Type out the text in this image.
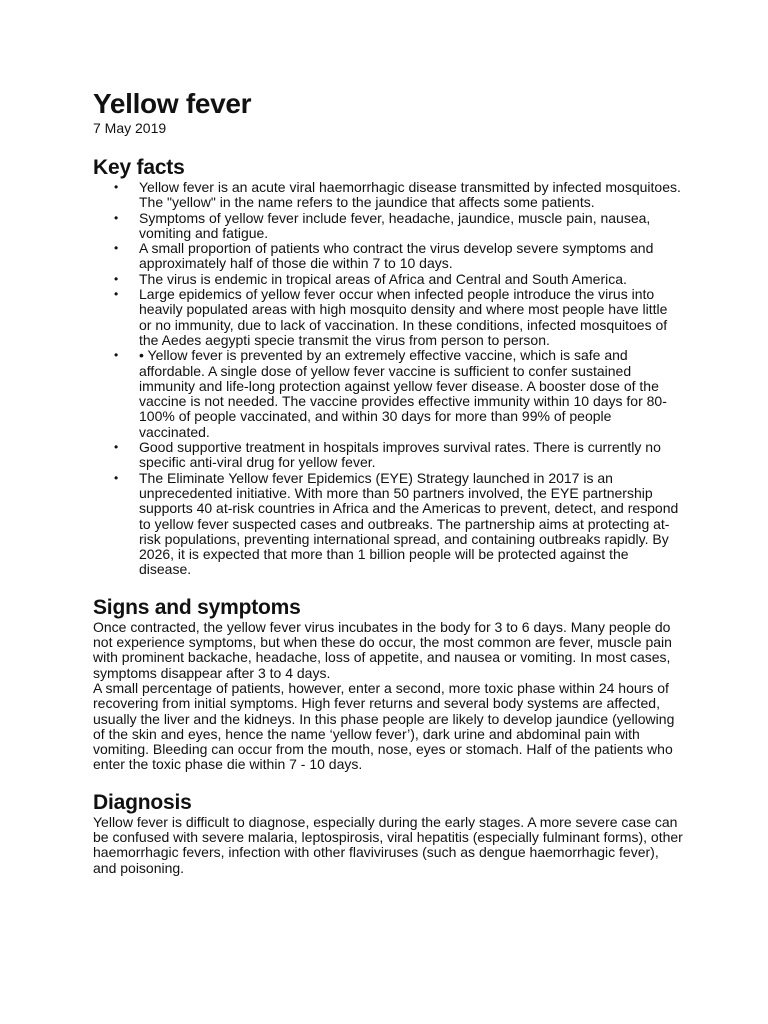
Yellow fever
7 May 2019
Key facts
• Yellow fever is an acute viral haemorrhagic disease transmitted by infected mosquitoes. The "yellow" in the name refers to the jaundice that affects some patients.
• Symptoms of yellow fever include fever, headache, jaundice, muscle pain, nausea, vomiting and fatigue.
• A small proportion of patients who contract the virus develop severe symptoms and approximately half of those die within 7 to 10 days.
• The virus is endemic in tropical areas of Africa and Central and South America.
• Large epidemics of yellow fever occur when infected people introduce the virus into heavily populated areas with high mosquito density and where most people have little or no immunity, due to lack of vaccination. In these conditions, infected mosquitoes of the Aedes aegypti specie transmit the virus from person to person.
• • Yellow fever is prevented by an extremely effective vaccine, which is safe and affordable. A single dose of yellow fever vaccine is sufficient to confer sustained immunity and life-long protection against yellow fever disease. A booster dose of the vaccine is not needed. The vaccine provides effective immunity within 10 days for 80-100% of people vaccinated, and within 30 days for more than 99% of people vaccinated.
• Good supportive treatment in hospitals improves survival rates. There is currently no specific anti-viral drug for yellow fever.
• The Eliminate Yellow fever Epidemics (EYE) Strategy launched in 2017 is an unprecedented initiative. With more than 50 partners involved, the EYE partnership supports 40 at-risk countries in Africa and the Americas to prevent, detect, and respond to yellow fever suspected cases and outbreaks. The partnership aims at protecting at-risk populations, preventing international spread, and containing outbreaks rapidly. By 2026, it is expected that more than 1 billion people will be protected against the disease.
Signs and symptoms

Once contracted, the yellow fever virus incubates in the body for 3 to 6 days. Many people do not experience symptoms, but when these do occur, the most common are fever, muscle pain with prominent backache, headache, loss of appetite, and nausea or vomiting. In most cases, symptoms disappear after 3 to 4 days.

A small percentage of patients, however, enter a second, more toxic phase within 24 hours of recovering from initial symptoms. High fever returns and several body systems are affected, usually the liver and the kidneys. In this phase people are likely to develop jaundice (yellowing of the skin and eyes, hence the name ‘yellow fever’), dark urine and abdominal pain with vomiting. Bleeding can occur from the mouth, nose, eyes or stomach. Half of the patients who enter the toxic phase die within 7 - 10 days.

Diagnosis

Yellow fever is difficult to diagnose, especially during the early stages. A more severe case can be confused with severe malaria, leptospirosis, viral hepatitis (especially fulminant forms), other haemorrhagic fevers, infection with other flaviviruses (such as dengue haemorrhagic fever), and poisoning.
